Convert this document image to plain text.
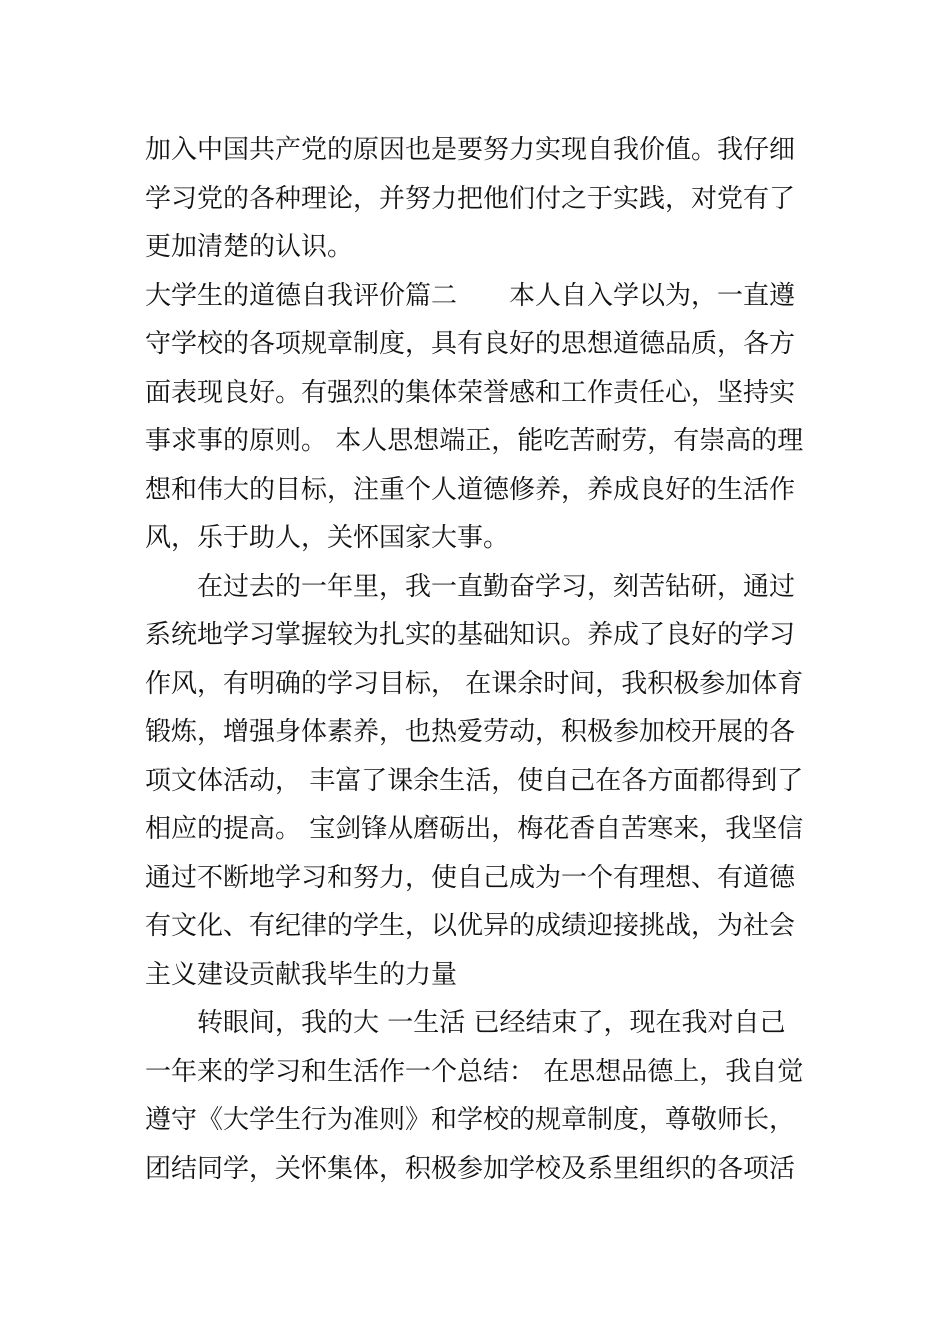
加入中国共产党的原因也是要努力实现自我价值。我仔细
学习党的各种理论，并努力把他们付之于实践，对党有了
更加清楚的认识。
大学生的道德自我评价篇二　　本人自入学以为，一直遵
守学校的各项规章制度，具有良好的思想道德品质，各方
面表现良好。有强烈的集体荣誉感和工作责任心，坚持实
事求事的原则。 本人思想端正，能吃苦耐劳，有崇高的理
想和伟大的目标，注重个人道德修养，养成良好的生活作
风，乐于助人，关怀国家大事。
　　在过去的一年里，我一直勤奋学习，刻苦钻研，通过
系统地学习掌握较为扎实的基础知识。养成了良好的学习
作风，有明确的学习目标， 在课余时间，我积极参加体育
锻炼，增强身体素养，也热爱劳动，积极参加校开展的各
项文体活动， 丰富了课余生活，使自己在各方面都得到了
相应的提高。 宝剑锋从磨砺出，梅花香自苦寒来，我坚信
通过不断地学习和努力，使自己成为一个有理想、有道德
有文化、有纪律的学生，以优异的成绩迎接挑战，为社会
主义建设贡献我毕生的力量
　　转眼间，我的大 一生活 已经结束了，现在我对自己
一年来的学习和生活作一个总结： 在思想品德上，我自觉
遵守《大学生行为准则》和学校的规章制度，尊敬师长，
团结同学，关怀集体，积极参加学校及系里组织的各项活
